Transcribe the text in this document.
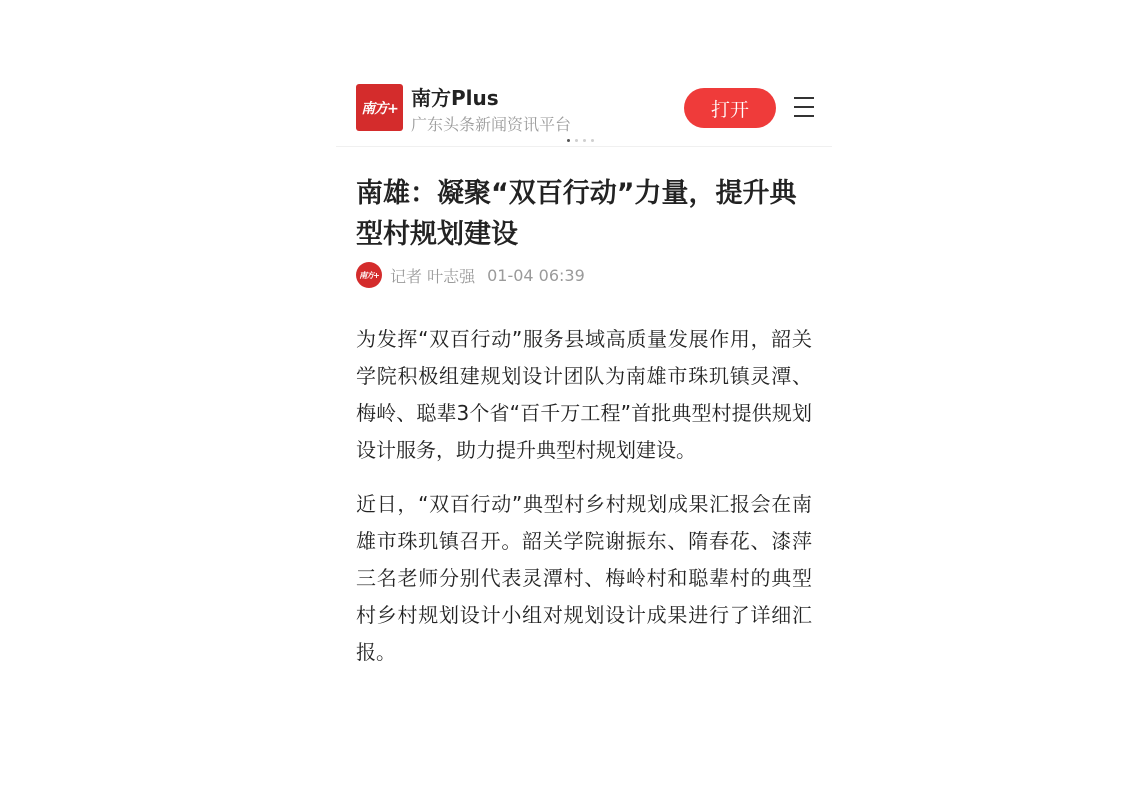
南方+ 南方Plus
广东头条新闻资讯平台
打开
南雄：凝聚“双百行动”力量，提升典型村规划建设
南方+ 记者 叶志强 01-04 06:39

为发挥“双百行动”服务县域高质量发展作用，韶关学院积极组建规划设计团队为南雄市珠玑镇灵潭、梅岭、聪辈3个省“百千万工程”首批典型村提供规划设计服务，助力提升典型村规划建设。

近日，“双百行动”典型村乡村规划成果汇报会在南雄市珠玑镇召开。韶关学院谢振东、隋春花、漆萍三名老师分别代表灵潭村、梅岭村和聪辈村的典型村乡村规划设计小组对规划设计成果进行了详细汇报。
